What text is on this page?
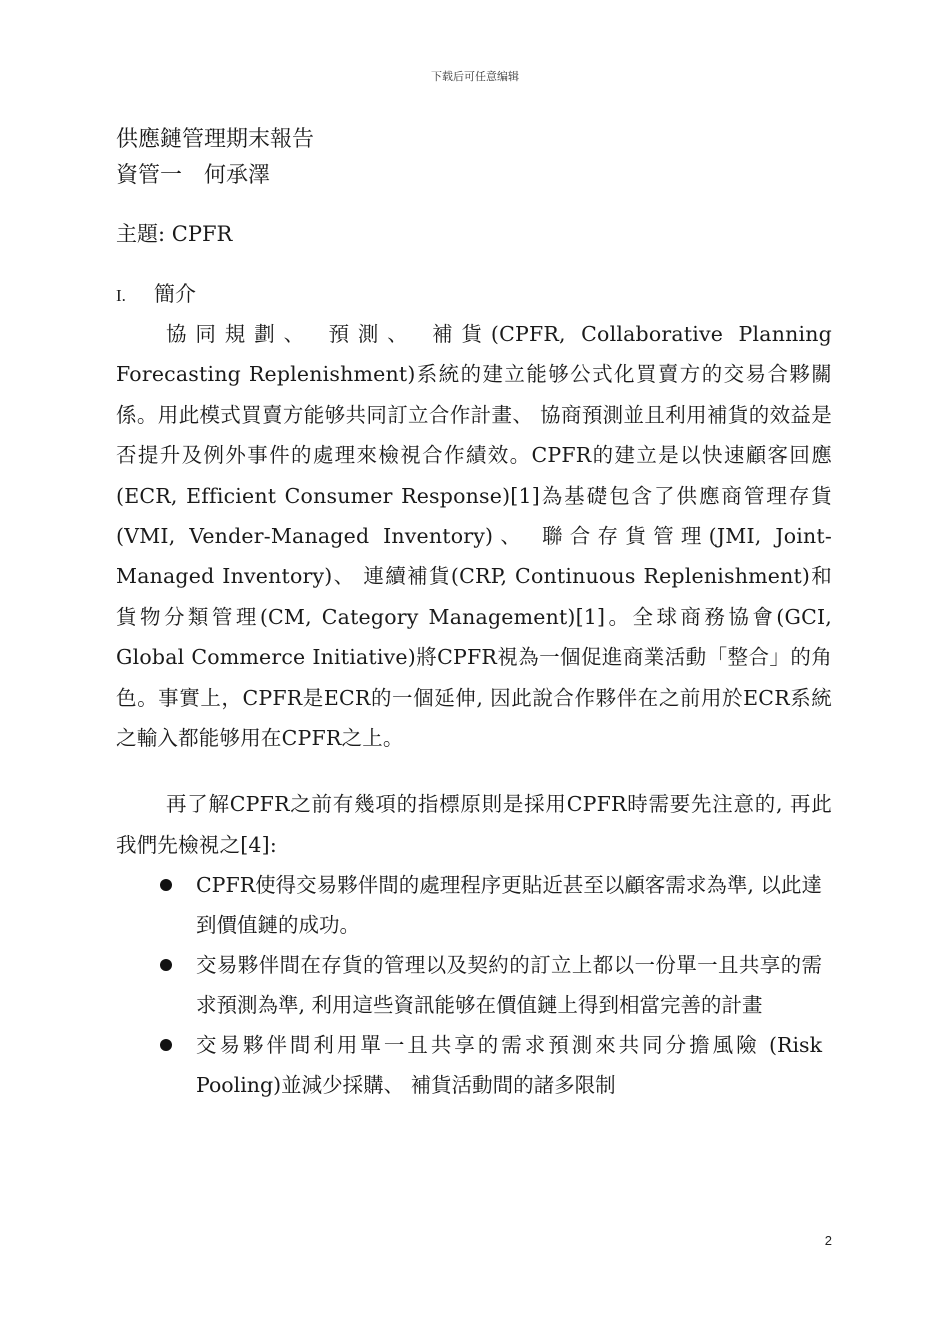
下载后可任意编辑
供應鏈管理期末報告
資管一　何承澤
主題: CPFR
I.	簡介

協同規劃、 預測、 補貨(CPFR, Collaborative Planning Forecasting Replenishment)系統的建立能够公式化買賣方的交易合夥關係。用此模式買賣方能够共同訂立合作計畫、 協商預測並且利用補貨的效益是否提升及例外事件的處理來檢視合作績效。CPFR的建立是以快速顧客回應(ECR, Efficient Consumer Response)[1]為基礎包含了供應商管理存貨(VMI, Vender-Managed Inventory)、 聯合存貨管理(JMI, Joint-Managed Inventory)、 連續補貨(CRP, Continuous Replenishment)和貨物分類管理(CM, Category Management)[1]。全球商務協會(GCI, Global Commerce Initiative)將CPFR視為一個促進商業活動「整合」的角色。事實上，CPFR是ECR的一個延伸, 因此說合作夥伴在之前用於ECR系統之輸入都能够用在CPFR之上。

再了解CPFR之前有幾項的指標原則是採用CPFR時需要先注意的, 再此我們先檢視之[4]:

CPFR使得交易夥伴間的處理程序更貼近甚至以顧客需求為準, 以此達到價值鏈的成功。
交易夥伴間在存貨的管理以及契約的訂立上都以一份單一且共享的需求預測為準, 利用這些資訊能够在價值鏈上得到相當完善的計畫
交易夥伴間利用單一且共享的需求預測來共同分擔風險 (Risk Pooling)並減少採購、 補貨活動間的諸多限制
2
